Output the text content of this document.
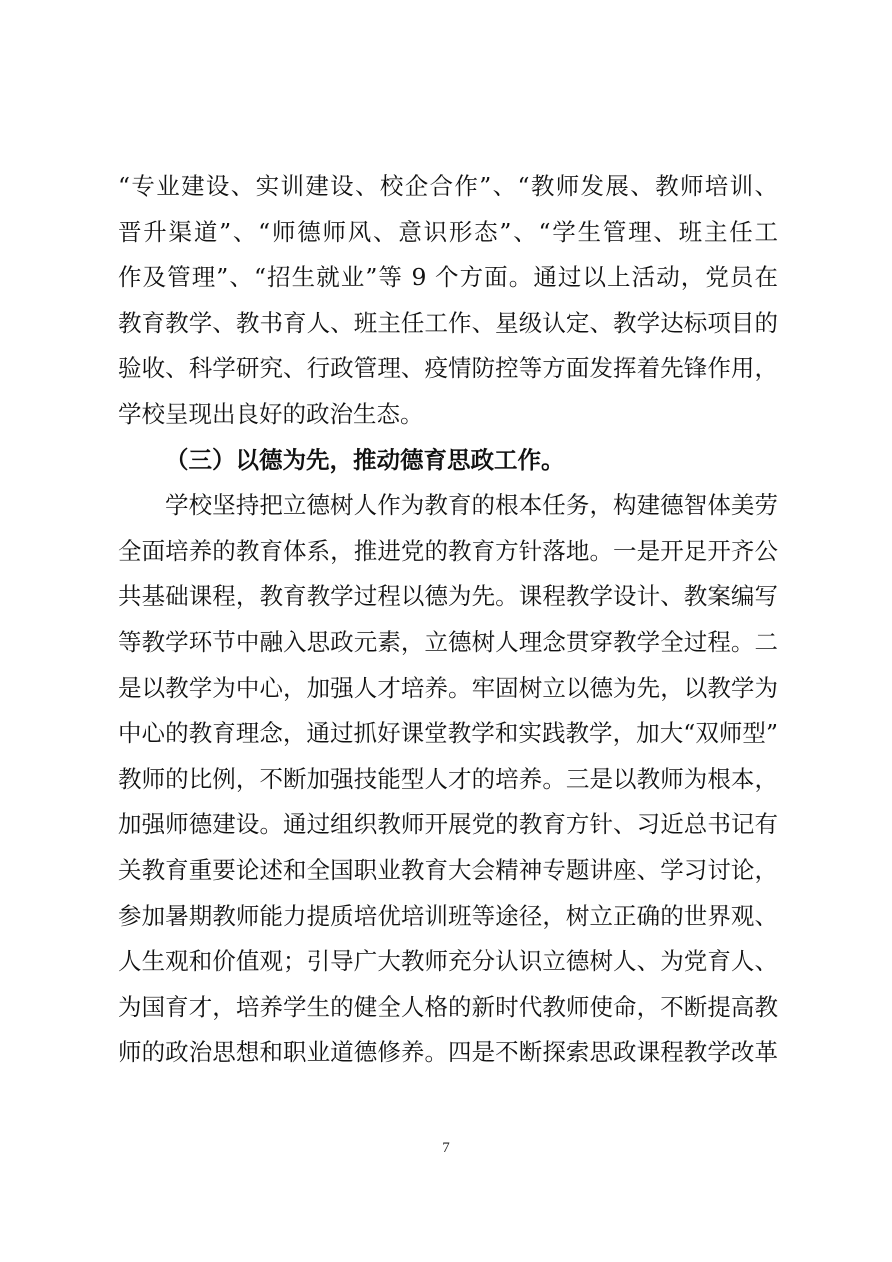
“专业建设、实训建设、校企合作”、“教师发展、教师培训、
晋升渠道”、“师德师风、意识形态”、“学生管理、班主任工
作及管理”、“招生就业”等 9 个方面。通过以上活动，党员在
教育教学、教书育人、班主任工作、星级认定、教学达标项目的
验收、科学研究、行政管理、疫情防控等方面发挥着先锋作用，
学校呈现出良好的政治生态。
（三）以德为先，推动德育思政工作。
学校坚持把立德树人作为教育的根本任务，构建德智体美劳
全面培养的教育体系，推进党的教育方针落地。一是开足开齐公
共基础课程，教育教学过程以德为先。课程教学设计、教案编写
等教学环节中融入思政元素，立德树人理念贯穿教学全过程。二
是以教学为中心，加强人才培养。牢固树立以德为先，以教学为
中心的教育理念，通过抓好课堂教学和实践教学，加大“双师型”
教师的比例，不断加强技能型人才的培养。三是以教师为根本，
加强师德建设。通过组织教师开展党的教育方针、习近总书记有
关教育重要论述和全国职业教育大会精神专题讲座、学习讨论，
参加暑期教师能力提质培优培训班等途径，树立正确的世界观、
人生观和价值观；引导广大教师充分认识立德树人、为党育人、
为国育才，培养学生的健全人格的新时代教师使命，不断提高教
师的政治思想和职业道德修养。四是不断探索思政课程教学改革
7
